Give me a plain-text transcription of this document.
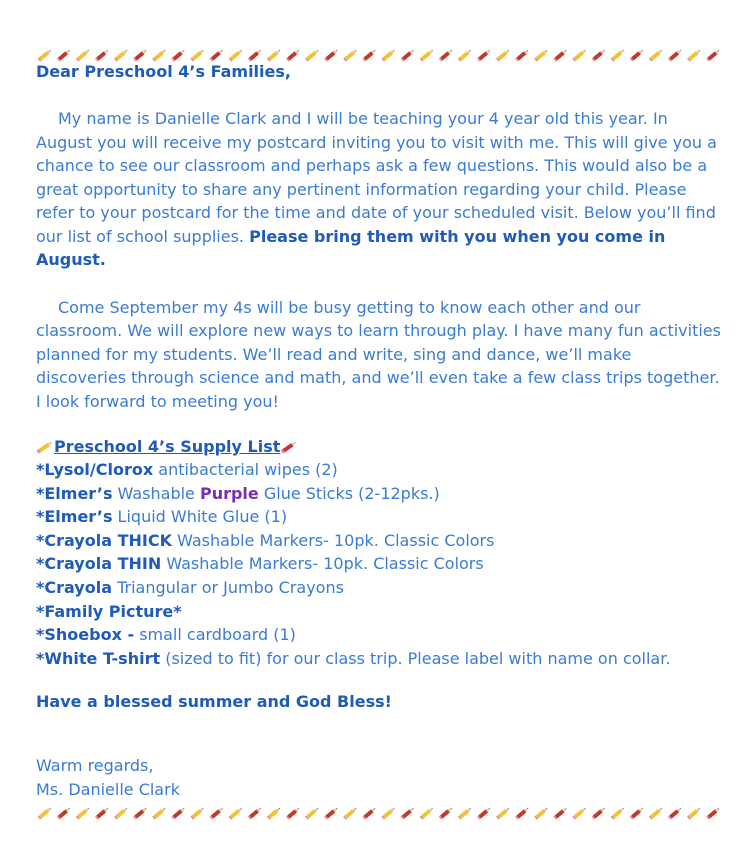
Dear Preschool 4’s Families,

My name is Danielle Clark and I will be teaching your 4 year old this year. In August you will receive my postcard inviting you to visit with me. This will give you a chance to see our classroom and perhaps ask a few questions. This would also be a great opportunity to share any pertinent information regarding your child. Please refer to your postcard for the time and date of your scheduled visit. Below you’ll find our list of school supplies. Please bring them with you when you come in August.

Come September my 4s will be busy getting to know each other and our classroom. We will explore new ways to learn through play. I have many fun activities planned for my students. We’ll read and write, sing and dance, we’ll make discoveries through science and math, and we’ll even take a few class trips together. I look forward to meeting you!

Preschool 4’s Supply List
*Lysol/Clorox antibacterial wipes (2)
*Elmer’s Washable Purple Glue Sticks (2-12pks.)
*Elmer’s Liquid White Glue (1)
*Crayola THICK Washable Markers- 10pk. Classic Colors
*Crayola THIN Washable Markers- 10pk. Classic Colors
*Crayola Triangular or Jumbo Crayons
*Family Picture*
*Shoebox - small cardboard (1)
*White T-shirt (sized to fit) for our class trip. Please label with name on collar.
Have a blessed summer and God Bless!
Warm regards,
Ms. Danielle Clark
